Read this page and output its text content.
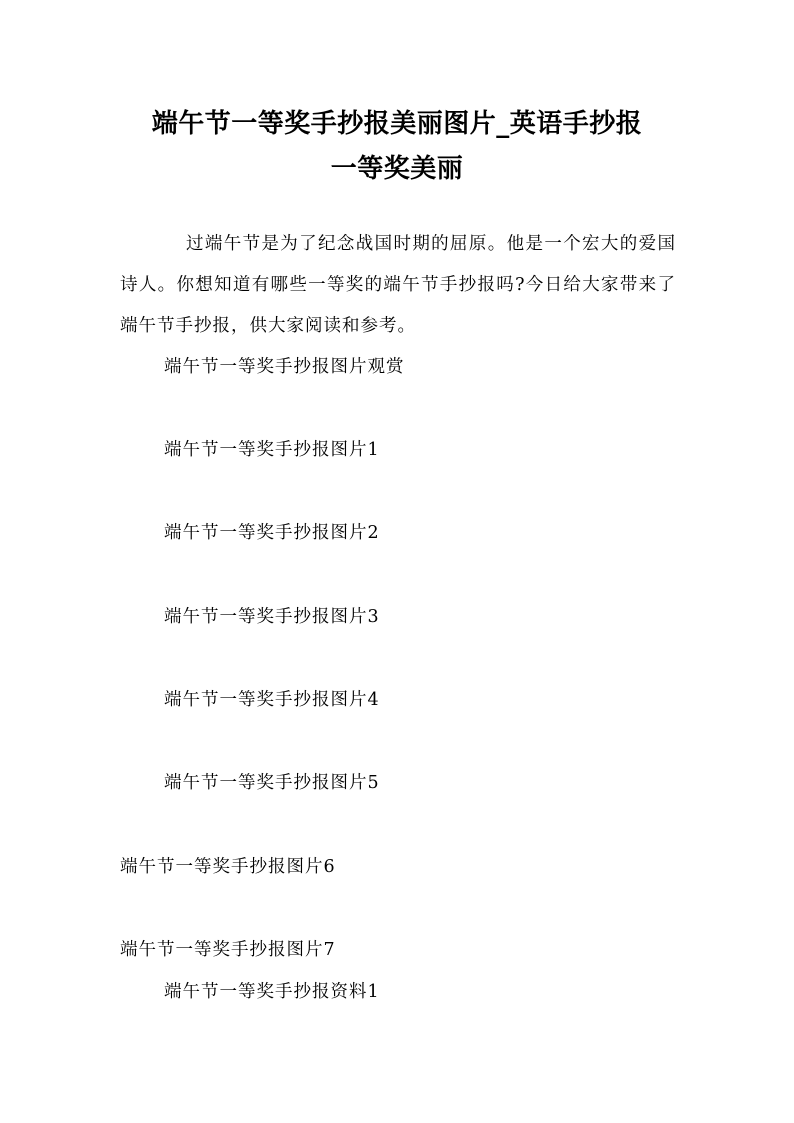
端午节一等奖手抄报美丽图片_英语手抄报
一等奖美丽

过端午节是为了纪念战国时期的屈原。他是一个宏大的爱国诗人。你想知道有哪些一等奖的端午节手抄报吗?今日给大家带来了端午节手抄报，供大家阅读和参考。

端午节一等奖手抄报图片观赏

端午节一等奖手抄报图片1

端午节一等奖手抄报图片2

端午节一等奖手抄报图片3

端午节一等奖手抄报图片4

端午节一等奖手抄报图片5

端午节一等奖手抄报图片6

端午节一等奖手抄报图片7

端午节一等奖手抄报资料1
